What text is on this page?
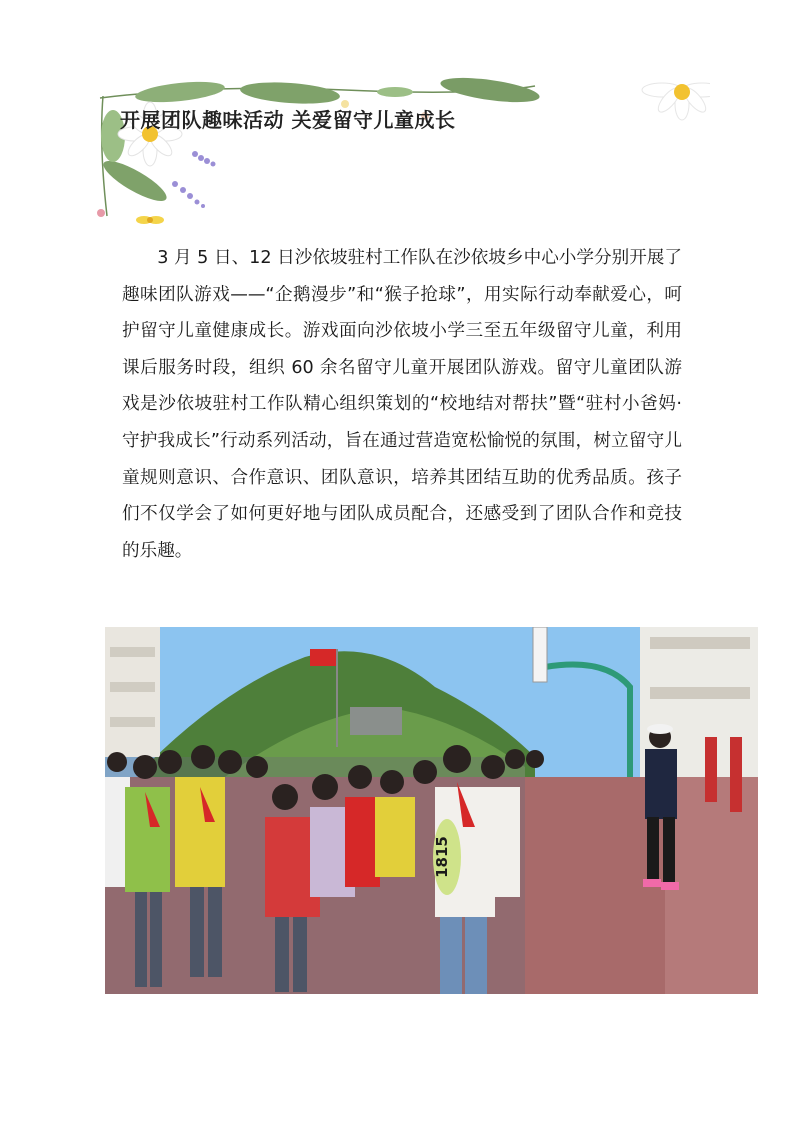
开展团队趣味活动 关爱留守儿童成长

3 月 5 日、12 日沙依坡驻村工作队在沙依坡乡中心小学分别开展了趣味团队游戏——“企鹅漫步”和“猴子抢球”，用实际行动奉献爱心，呵护留守儿童健康成长。游戏面向沙依坡小学三至五年级留守儿童，利用课后服务时段，组织 60 余名留守儿童开展团队游戏。留守儿童团队游戏是沙依坡驻村工作队精心组织策划的“校地结对帮扶”暨“驻村小爸妈·守护我成长”行动系列活动，旨在通过营造宽松愉悦的氛围，树立留守儿童规则意识、合作意识、团队意识，培养其团结互助的优秀品质。孩子们不仅学会了如何更好地与团队成员配合，还感受到了团队合作和竞技的乐趣。

1815
